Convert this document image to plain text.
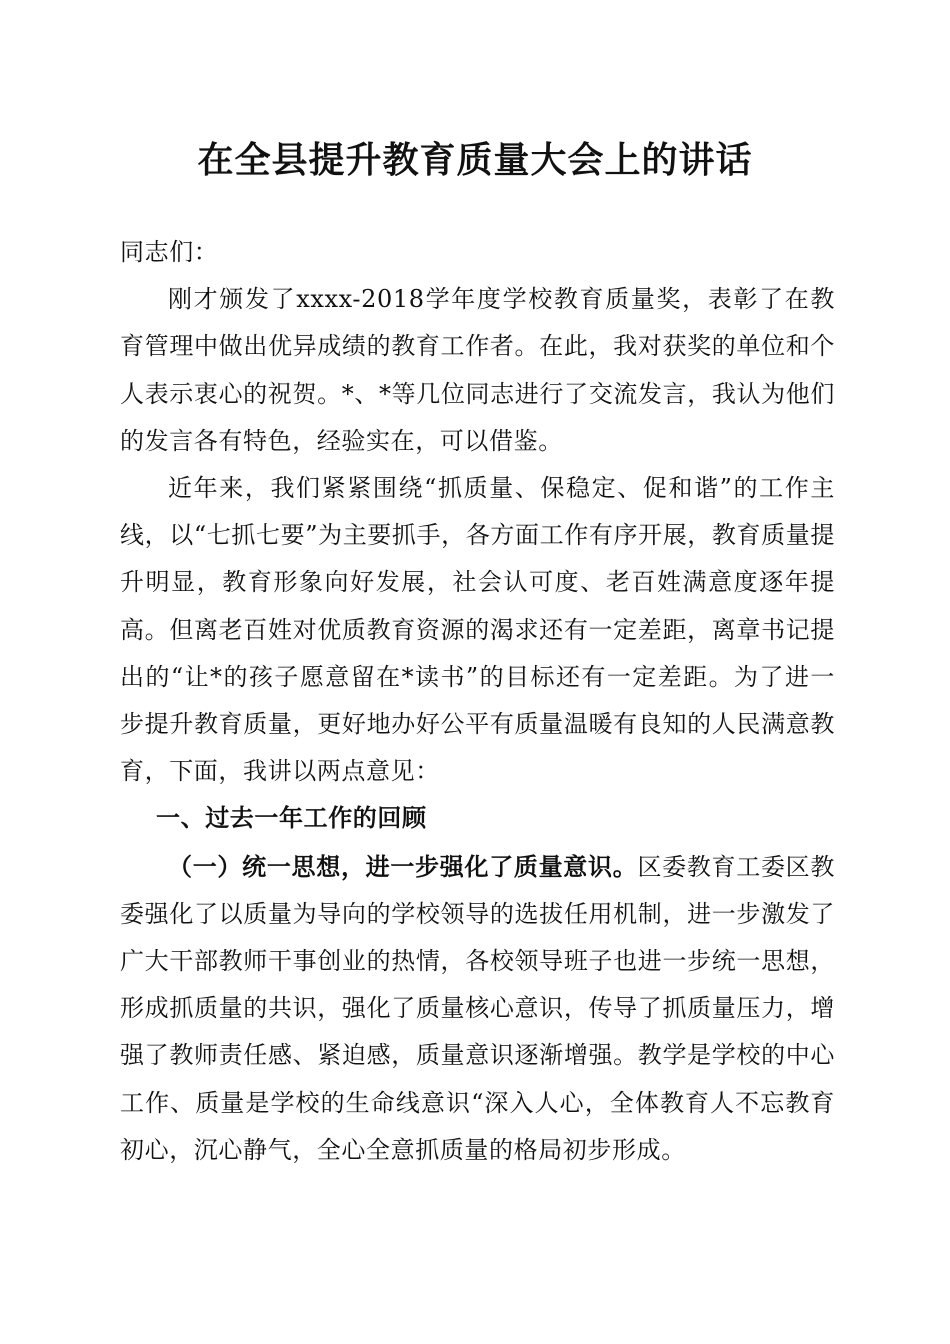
在全县提升教育质量大会上的讲话

同志们：

刚才颁发了xxxx-2018学年度学校教育质量奖，表彰了在教育管理中做出优异成绩的教育工作者。在此，我对获奖的单位和个人表示衷心的祝贺。*、*等几位同志进行了交流发言，我认为他们的发言各有特色，经验实在，可以借鉴。

近年来，我们紧紧围绕“抓质量、保稳定、促和谐”的工作主线，以“七抓七要”为主要抓手，各方面工作有序开展，教育质量提升明显，教育形象向好发展，社会认可度、老百姓满意度逐年提高。但离老百姓对优质教育资源的渴求还有一定差距，离章书记提出的“让*的孩子愿意留在*读书”的目标还有一定差距。为了进一步提升教育质量，更好地办好公平有质量温暖有良知的人民满意教育，下面，我讲以两点意见：

一、过去一年工作的回顾

（一）统一思想，进一步强化了质量意识。区委教育工委区教委强化了以质量为导向的学校领导的选拔任用机制，进一步激发了广大干部教师干事创业的热情，各校领导班子也进一步统一思想，形成抓质量的共识，强化了质量核心意识，传导了抓质量压力，增强了教师责任感、紧迫感，质量意识逐渐增强。教学是学校的中心工作、质量是学校的生命线意识“深入人心，全体教育人不忘教育初心，沉心静气，全心全意抓质量的格局初步形成。
